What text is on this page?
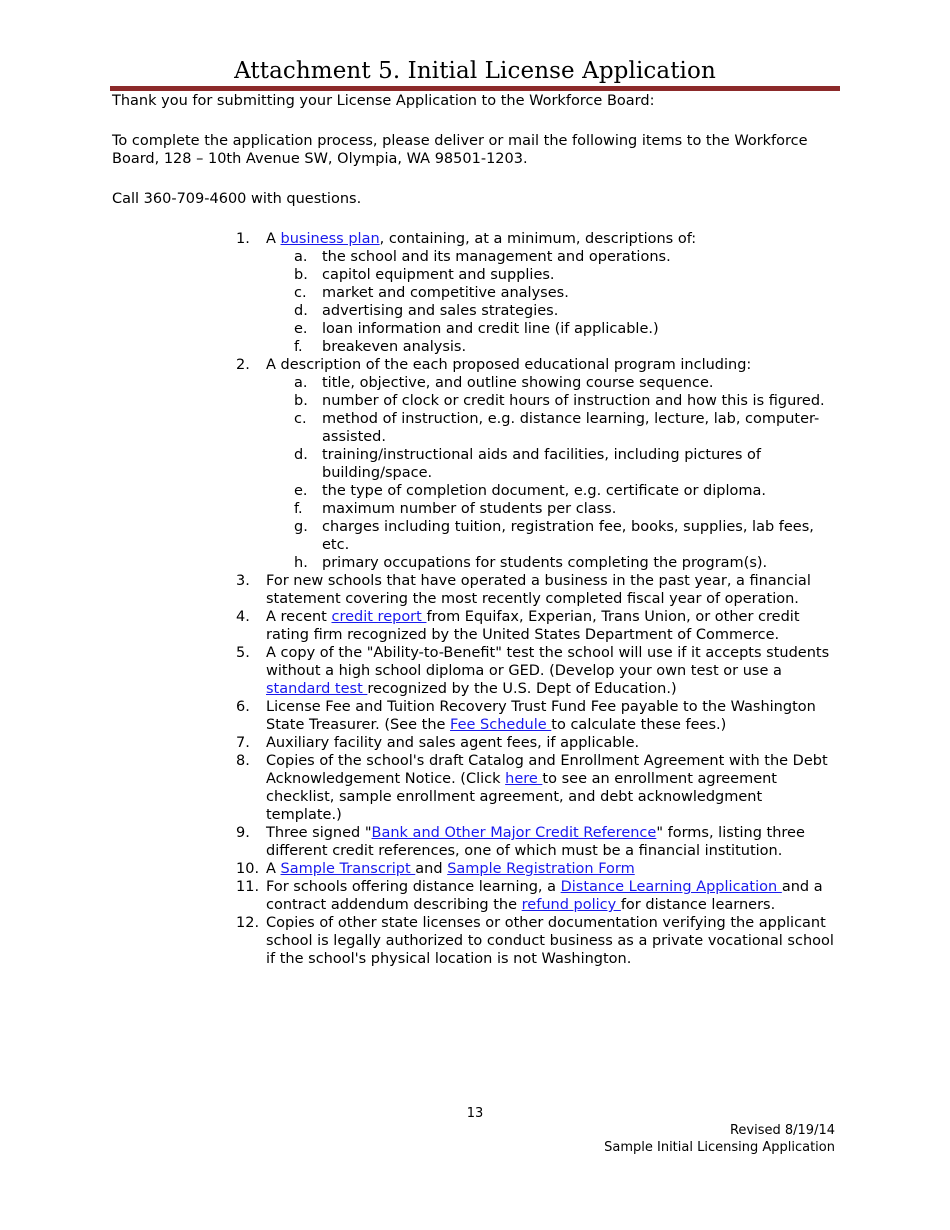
Attachment 5. Initial License Application
Thank you for submitting your License Application to the Workforce Board:
To complete the application process, please deliver or mail the following items to the Workforce Board, 128 – 10th Avenue SW, Olympia, WA 98501-1203.
Call 360-709-4600 with questions.
1. A business plan, containing, at a minimum, descriptions of:
a. the school and its management and operations.
b. capitol equipment and supplies.
c. market and competitive analyses.
d. advertising and sales strategies.
e. loan information and credit line (if applicable.)
f. breakeven analysis.
2. A description of the each proposed educational program including:
a. title, objective, and outline showing course sequence.
b. number of clock or credit hours of instruction and how this is figured.
c. method of instruction, e.g. distance learning, lecture, lab, computer-assisted.
d. training/instructional aids and facilities, including pictures of building/space.
e. the type of completion document, e.g. certificate or diploma.
f. maximum number of students per class.
g. charges including tuition, registration fee, books, supplies, lab fees, etc.
h. primary occupations for students completing the program(s).
3. For new schools that have operated a business in the past year, a financial statement covering the most recently completed fiscal year of operation.
4. A recent credit report from Equifax, Experian, Trans Union, or other credit rating firm recognized by the United States Department of Commerce.
5. A copy of the "Ability-to-Benefit" test the school will use if it accepts students without a high school diploma or GED. (Develop your own test or use a standard test recognized by the U.S. Dept of Education.)
6. License Fee and Tuition Recovery Trust Fund Fee payable to the Washington State Treasurer. (See the Fee Schedule to calculate these fees.)
7. Auxiliary facility and sales agent fees, if applicable.
8. Copies of the school's draft Catalog and Enrollment Agreement with the Debt Acknowledgement Notice. (Click here to see an enrollment agreement checklist, sample enrollment agreement, and debt acknowledgment template.)
9. Three signed "Bank and Other Major Credit Reference" forms, listing three different credit references, one of which must be a financial institution.
10. A Sample Transcript and Sample Registration Form
11. For schools offering distance learning, a Distance Learning Application and a contract addendum describing the refund policy for distance learners.
12. Copies of other state licenses or other documentation verifying the applicant school is legally authorized to conduct business as a private vocational school if the school's physical location is not Washington.
13
Revised 8/19/14
Sample Initial Licensing Application
